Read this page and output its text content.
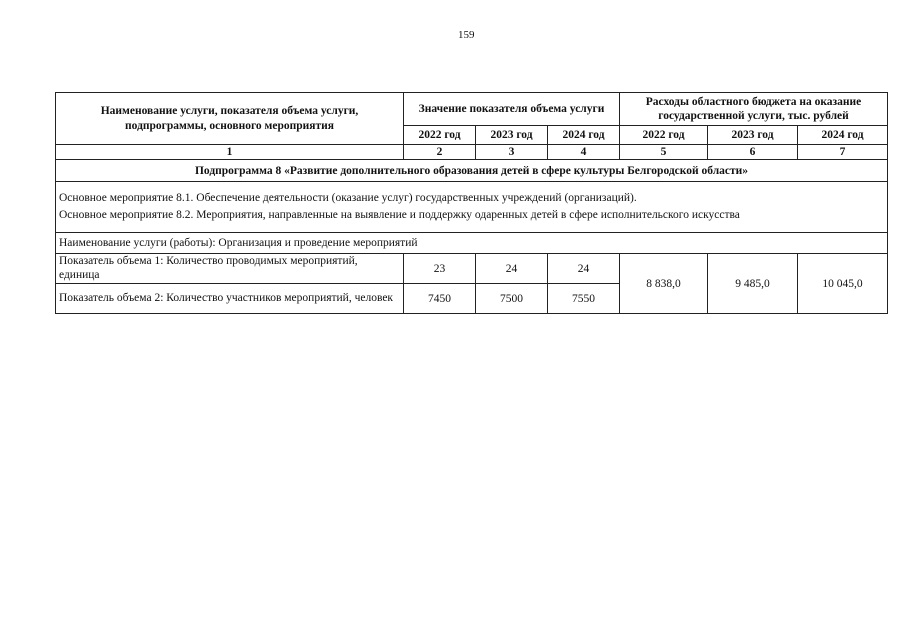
159
Наименование услуги, показателя объема услуги, подпрограммы, основного мероприятия	Значение показателя объема услуги			Расходы областного бюджета на оказание государственной услуги, тыс. рублей		
	2022 год	2023 год	2024 год	2022 год	2023 год	2024 год
1	2	3	4	5	6	7
Подпрограмма 8 «Развитие дополнительного образования детей в сфере культуры Белгородской области»						

Основное мероприятие 8.1. Обеспечение деятельности (оказание услуг) государственных учреждений (организаций).
Основное мероприятие 8.2. Мероприятия, направленные на выявление и поддержку одаренных детей в сфере исполнительского искусства						

Наименование услуги (работы): Организация и проведение мероприятий						
Показатель объема 1: Количество проводимых мероприятий, единица	23	24	24	8 838,0	9 485,0	10 045,0
Показатель объема 2: Количество участников мероприятий, человек	7450	7500	7550			
